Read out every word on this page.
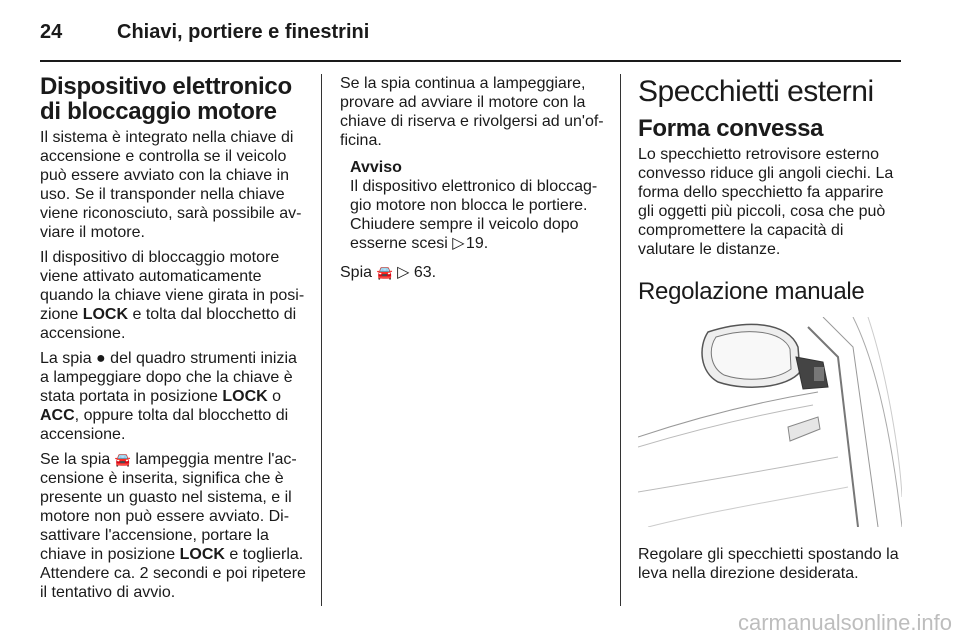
24	Chiavi, portiere e finestrini
Dispositivo elettronico di bloccaggio motore

Il sistema è integrato nella chiave di accensione e controlla se il veicolo può essere avviato con la chiave in uso. Se il transponder nella chiave viene riconosciuto, sarà possibile avviare il motore.

Il dispositivo di bloccaggio motore viene attivato automaticamente quando la chiave viene girata in posizione LOCK e tolta dal blocchetto di accensione.

La spia ● del quadro strumenti inizia a lampeggiare dopo che la chiave è stata portata in posizione LOCK o ACC, oppure tolta dal blocchetto di accensione.

Se la spia 🚘 lampeggia mentre l'accensione è inserita, significa che è presente un guasto nel sistema, e il motore non può essere avviato. Disattivare l'accensione, portare la chiave in posizione LOCK e toglierla. Attendere ca. 2 secondi e poi ripetere il tentativo di avvio.

Se la spia continua a lampeggiare, provare ad avviare il motore con la chiave di riserva e rivolgersi ad un'officina.

Avviso
Il dispositivo elettronico di bloccaggio motore non blocca le portiere. Chiudere sempre il veicolo dopo esserne scesi ▷ 19.

Spia 🚘 ▷ 63.

Specchietti esterni
Forma convessa

Lo specchietto retrovisore esterno convesso riduce gli angoli ciechi. La forma dello specchietto fa apparire gli oggetti più piccoli, cosa che può compromettere la capacità di valutare le distanze.

Regolazione manuale

Regolare gli specchietti spostando la leva nella direzione desiderata.

carmanualsonline.info
